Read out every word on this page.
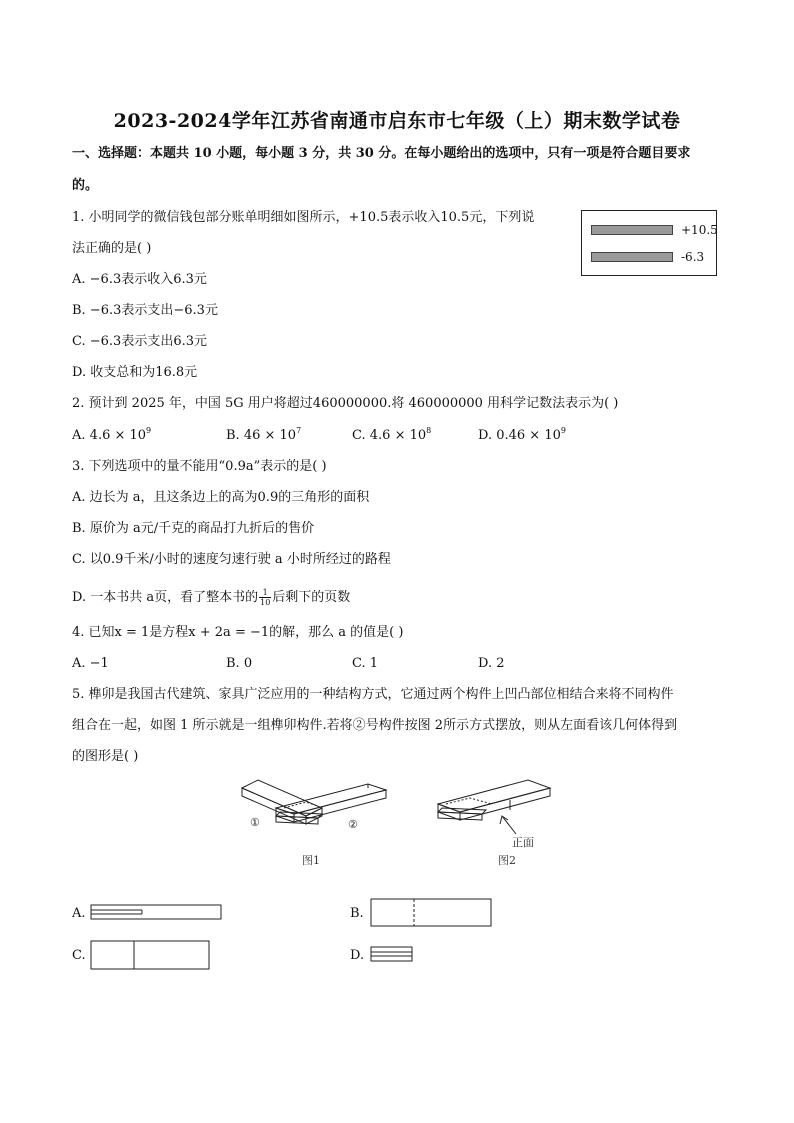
2023-2024学年江苏省南通市启东市七年级（上）期末数学试卷
一、选择题：本题共 10 小题，每小题 3 分，共 30 分。在每小题给出的选项中，只有一项是符合题目要求
的。
1. 小明同学的微信钱包部分账单明细如图所示，+10.5表示收入10.5元，下列说
法正确的是( )
+10.5
-6.3
A. −6.3表示收入6.3元
B. −6.3表示支出−6.3元
C. −6.3表示支出6.3元
D. 收支总和为16.8元
2. 预计到 2025 年，中国 5G 用户将超过460000000.将 460000000 用科学记数法表示为( )
A. $4.6 \times 10^9$	B. $46 \times 10^7$	C. $4.6 \times 10^8$	D. $0.46 \times 10^9$
3. 下列选项中的量不能用“0.9a”表示的是( )
A. 边长为 a，且这条边上的高为0.9的三角形的面积
B. 原价为 a元/千克的商品打九折后的售价
C. 以0.9千米/小时的速度匀速行驶 a 小时所经过的路程
D. 一本书共 a页，看了整本书的 $\frac{1}{10}$ 后剩下的页数
4. 已知x = 1是方程x + 2a = −1的解，那么 a 的值是( )
A. −1	B. 0	C. 1	D. 2
5. 榫卯是我国古代建筑、家具广泛应用的一种结构方式，它通过两个构件上凹凸部位相结合来将不同构件
组合在一起，如图 1 所示就是一组榫卯构件.若将②号构件按图 2所示方式摆放，则从左面看该几何体得到
的图形是( )
①	②
图1
正面
图2
A.	B.
C.	D.
